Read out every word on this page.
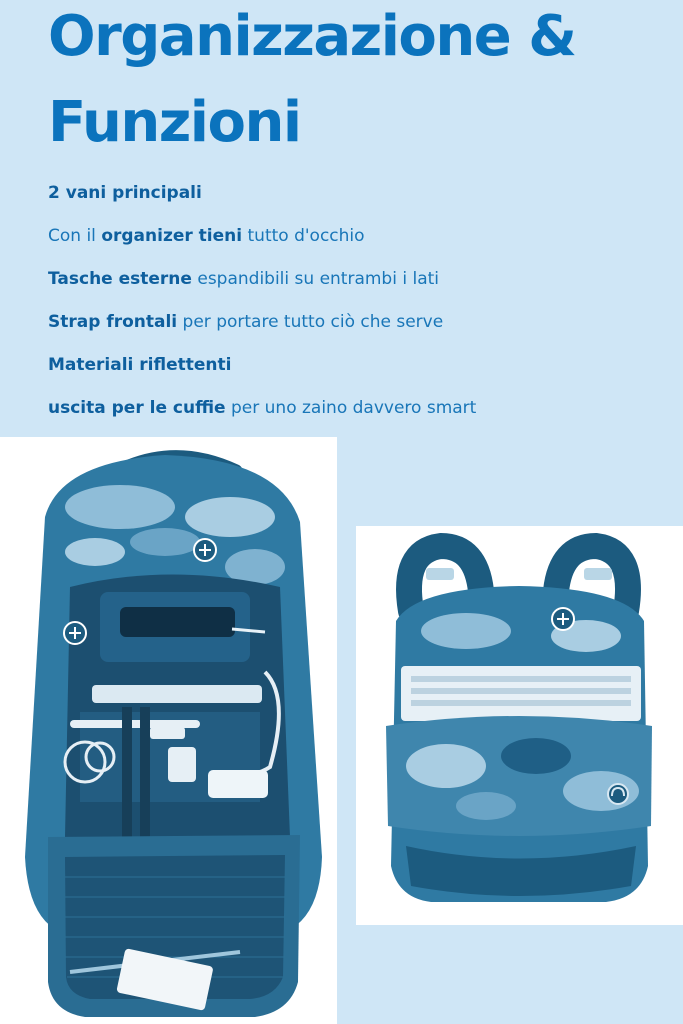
Organizzazione &
Funzioni
2 vani principali
Con il organizer tieni tutto d'occhio
Tasche esterne espandibili su entrambi i lati
Strap frontali per portare tutto ciò che serve
Materiali riflettenti
uscita per le cuffie per uno zaino davvero smart
